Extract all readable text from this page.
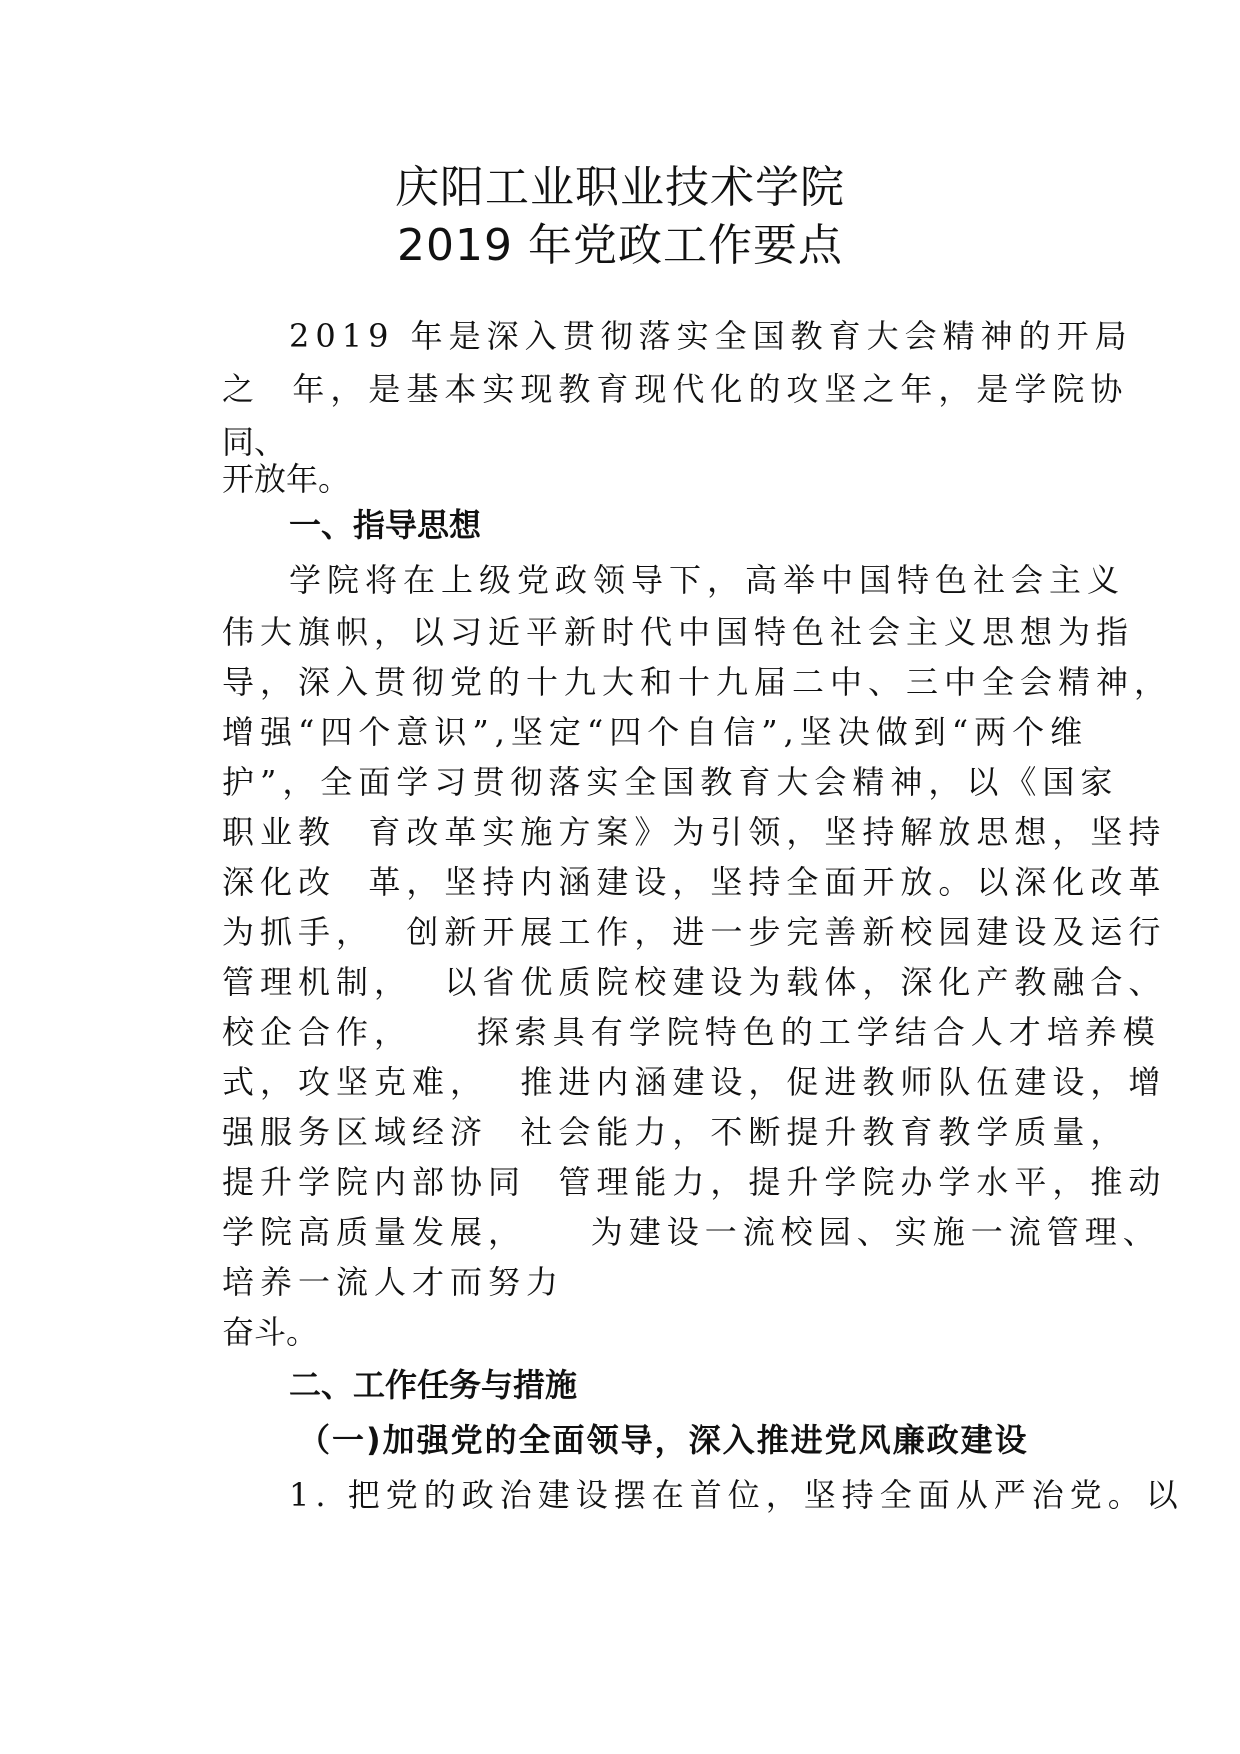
庆阳工业职业技术学院
2019 年党政工作要点
2019 年是深入贯彻落实全国教育大会精神的开局
之  年，是基本实现教育现代化的攻坚之年，是学院协
同、
开放年。
一、指导思想
学院将在上级党政领导下，高举中国特色社会主义
伟大旗帜，以习近平新时代中国特色社会主义思想为指
导，深入贯彻党的十九大和十九届二中、三中全会精神，
增强“四个意识”,坚定“四个自信”,坚决做到“两个维
护”，全面学习贯彻落实全国教育大会精神，以《国家
职业教  育改革实施方案》为引领，坚持解放思想，坚持
深化改  革，坚持内涵建设，坚持全面开放。以深化改革
为抓手，  创新开展工作，进一步完善新校园建设及运行
管理机制，  以省优质院校建设为载体，深化产教融合、
校企合作，    探索具有学院特色的工学结合人才培养模
式，攻坚克难，  推进内涵建设，促进教师队伍建设，增
强服务区域经济  社会能力，不断提升教育教学质量，
提升学院内部协同  管理能力，提升学院办学水平，推动
学院高质量发展，    为建设一流校园、实施一流管理、
培养一流人才而努力
奋斗。
二、工作任务与措施
（一)加强党的全面领导，深入推进党风廉政建设
1. 把党的政治建设摆在首位，坚持全面从严治党。以
